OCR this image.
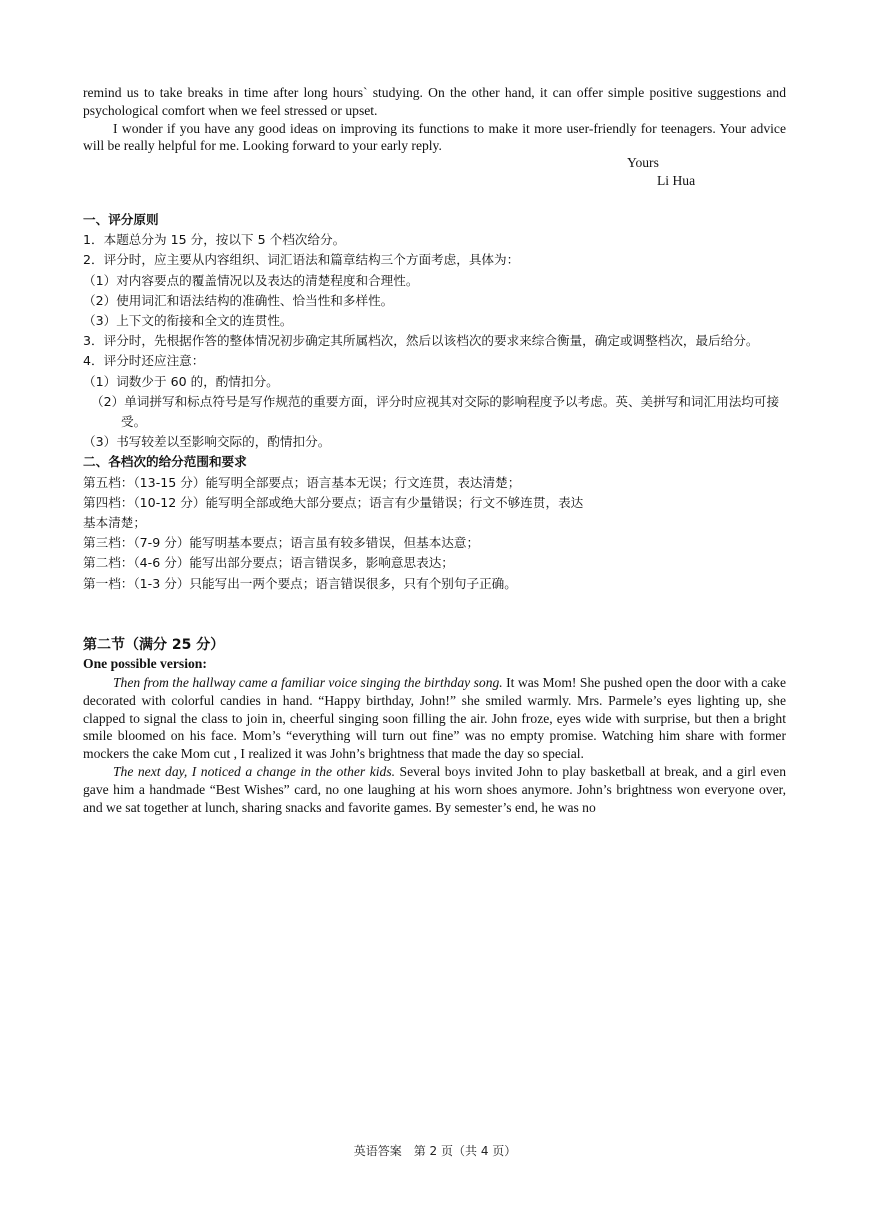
remind us to take breaks in time after long hours` studying. On the other hand, it can offer simple positive suggestions and psychological comfort when we feel stressed or upset.

I wonder if you have any good ideas on improving its functions to make it more user-friendly for teenagers. Your advice will be really helpful for me. Looking forward to your early reply.

Yours
Li Hua
一、评分原则
1．本题总分为 15 分，按以下 5 个档次给分。
2．评分时，应主要从内容组织、词汇语法和篇章结构三个方面考虑，具体为：
（1）对内容要点的覆盖情况以及表达的清楚程度和合理性。
（2）使用词汇和语法结构的准确性、恰当性和多样性。
（3）上下文的衔接和全文的连贯性。
3．评分时，先根据作答的整体情况初步确定其所属档次，然后以该档次的要求来综合衡量，确定或调整档次，最后给分。
4．评分时还应注意：
（1）词数少于 60 的，酌情扣分。
（2）单词拼写和标点符号是写作规范的重要方面，评分时应视其对交际的影响程度予以考虑。英、美拼写和词汇用法均可接受。
（3）书写较差以至影响交际的，酌情扣分。
二、各档次的给分范围和要求
第五档：（13-15 分）能写明全部要点；语言基本无误；行文连贯，表达清楚；
第四档：（10-12 分）能写明全部或绝大部分要点；语言有少量错误；行文不够连贯，表达
基本清楚；
第三档：（7-9 分）能写明基本要点；语言虽有较多错误，但基本达意；
第二档：（4-6 分）能写出部分要点；语言错误多，影响意思表达；
第一档：（1-3 分）只能写出一两个要点；语言错误很多，只有个别句子正确。
第二节（满分 25 分）
One possible version:

Then from the hallway came a familiar voice singing the birthday song. It was Mom! She pushed open the door with a cake decorated with colorful candies in hand. “Happy birthday, John!” she smiled warmly. Mrs. Parmele’s eyes lighting up, she clapped to signal the class to join in, cheerful singing soon filling the air. John froze, eyes wide with surprise, but then a bright smile bloomed on his face. Mom’s “everything will turn out fine” was no empty promise. Watching him share with former mockers the cake Mom cut , I realized it was John’s brightness that made the day so special.

The next day, I noticed a change in the other kids. Several boys invited John to play basketball at break, and a girl even gave him a handmade “Best Wishes” card, no one laughing at his worn shoes anymore. John’s brightness won everyone over, and we sat together at lunch, sharing snacks and favorite games. By semester’s end, he was no

英语答案　第 2 页（共 4 页）
